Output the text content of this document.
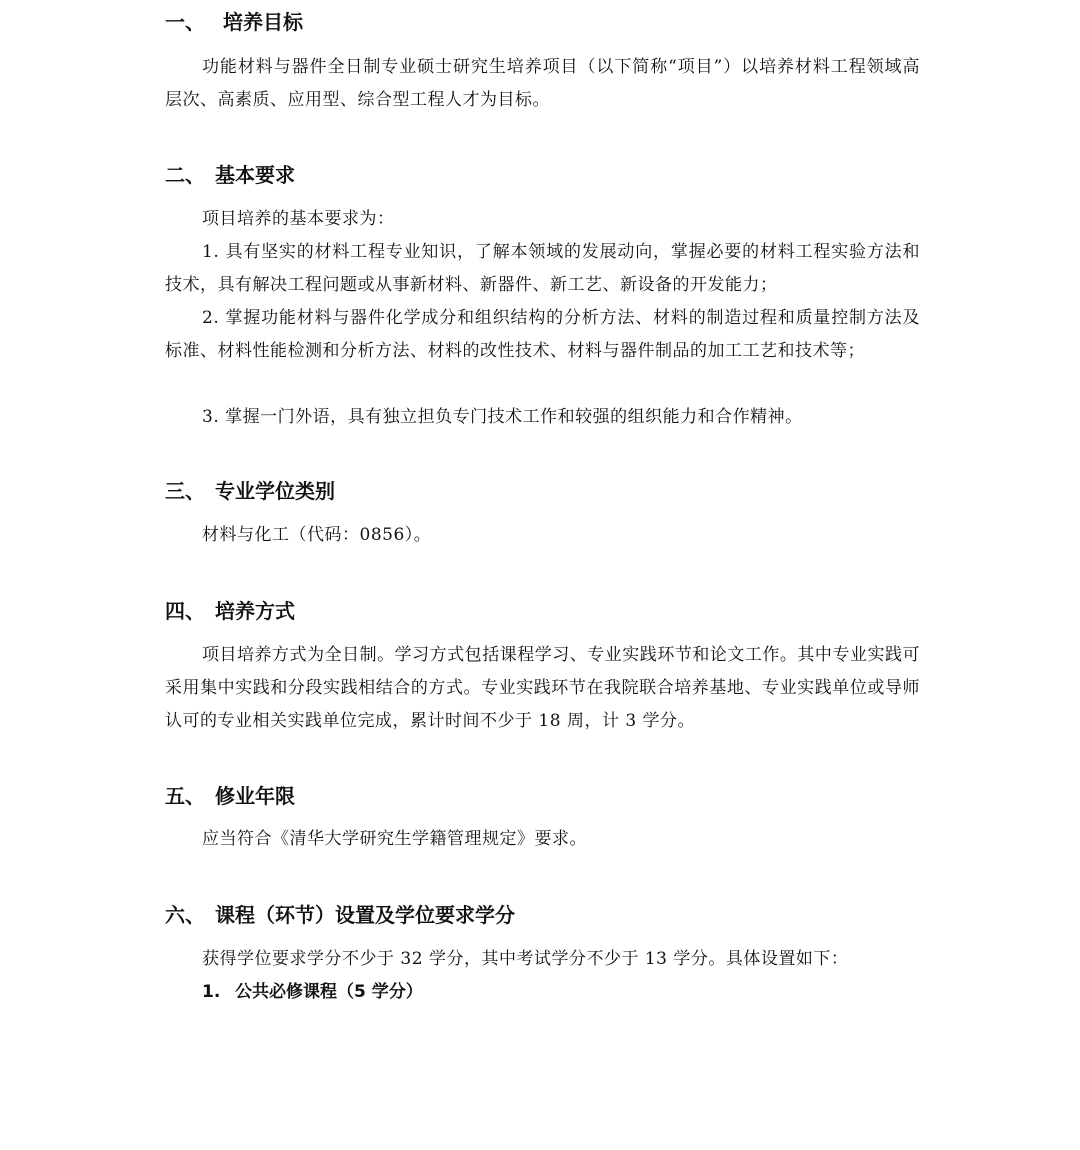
一、 培养目标
功能材料与器件全日制专业硕士研究生培养项目（以下简称“项目”）以培养材料工程领域高层次、高素质、应用型、综合型工程人才为目标。
二、 基本要求
项目培养的基本要求为：
1. 具有坚实的材料工程专业知识，了解本领域的发展动向，掌握必要的材料工程实验方法和技术，具有解决工程问题或从事新材料、新器件、新工艺、新设备的开发能力；
2. 掌握功能材料与器件化学成分和组织结构的分析方法、材料的制造过程和质量控制方法及标准、材料性能检测和分析方法、材料的改性技术、材料与器件制品的加工工艺和技术等；
3. 掌握一门外语，具有独立担负专门技术工作和较强的组织能力和合作精神。
三、 专业学位类别
材料与化工（代码：0856）。
四、 培养方式
项目培养方式为全日制。学习方式包括课程学习、专业实践环节和论文工作。其中专业实践可采用集中实践和分段实践相结合的方式。专业实践环节在我院联合培养基地、专业实践单位或导师认可的专业相关实践单位完成，累计时间不少于 18 周，计 3 学分。
五、 修业年限
应当符合《清华大学研究生学籍管理规定》要求。
六、 课程（环节）设置及学位要求学分
获得学位要求学分不少于 32 学分，其中考试学分不少于 13 学分。具体设置如下：
1. 公共必修课程（5 学分）
